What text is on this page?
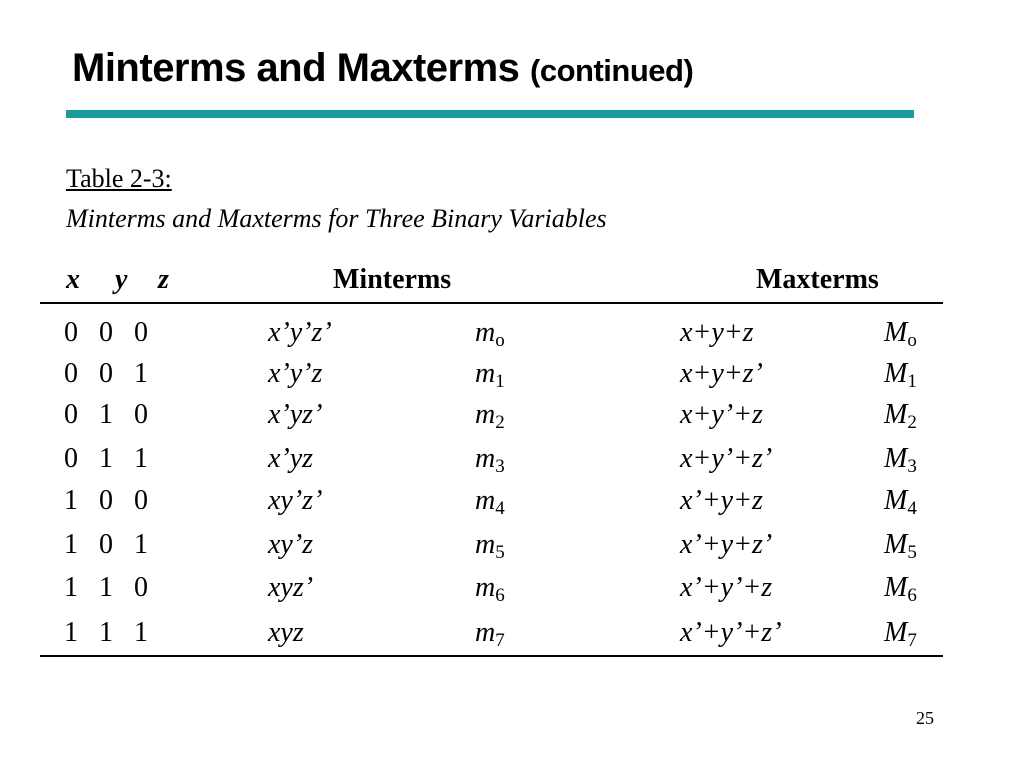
Minterms and Maxterms (continued)
Table 2-3:
Minterms and Maxterms for Three Binary Variables
x y z	Minterms	Maxterms
0   0   0	x’y’z’	$m_o$	x+y+z	$M_o$
0   0   1	x’y’z	$m_1$	x+y+z’	$M_1$
0   1   0	x’yz’	$m_2$	x+y’+z	$M_2$
0   1   1	x’yz	$m_3$	x+y’+z’	$M_3$
1   0   0	xy’z’	$m_4$	x’+y+z	$M_4$
1   0   1	xy’z	$m_5$	x’+y+z’	$M_5$
1   1   0	xyz’	$m_6$	x’+y’+z	$M_6$
1   1   1	xyz	$m_7$	x’+y’+z’	$M_7$
25
